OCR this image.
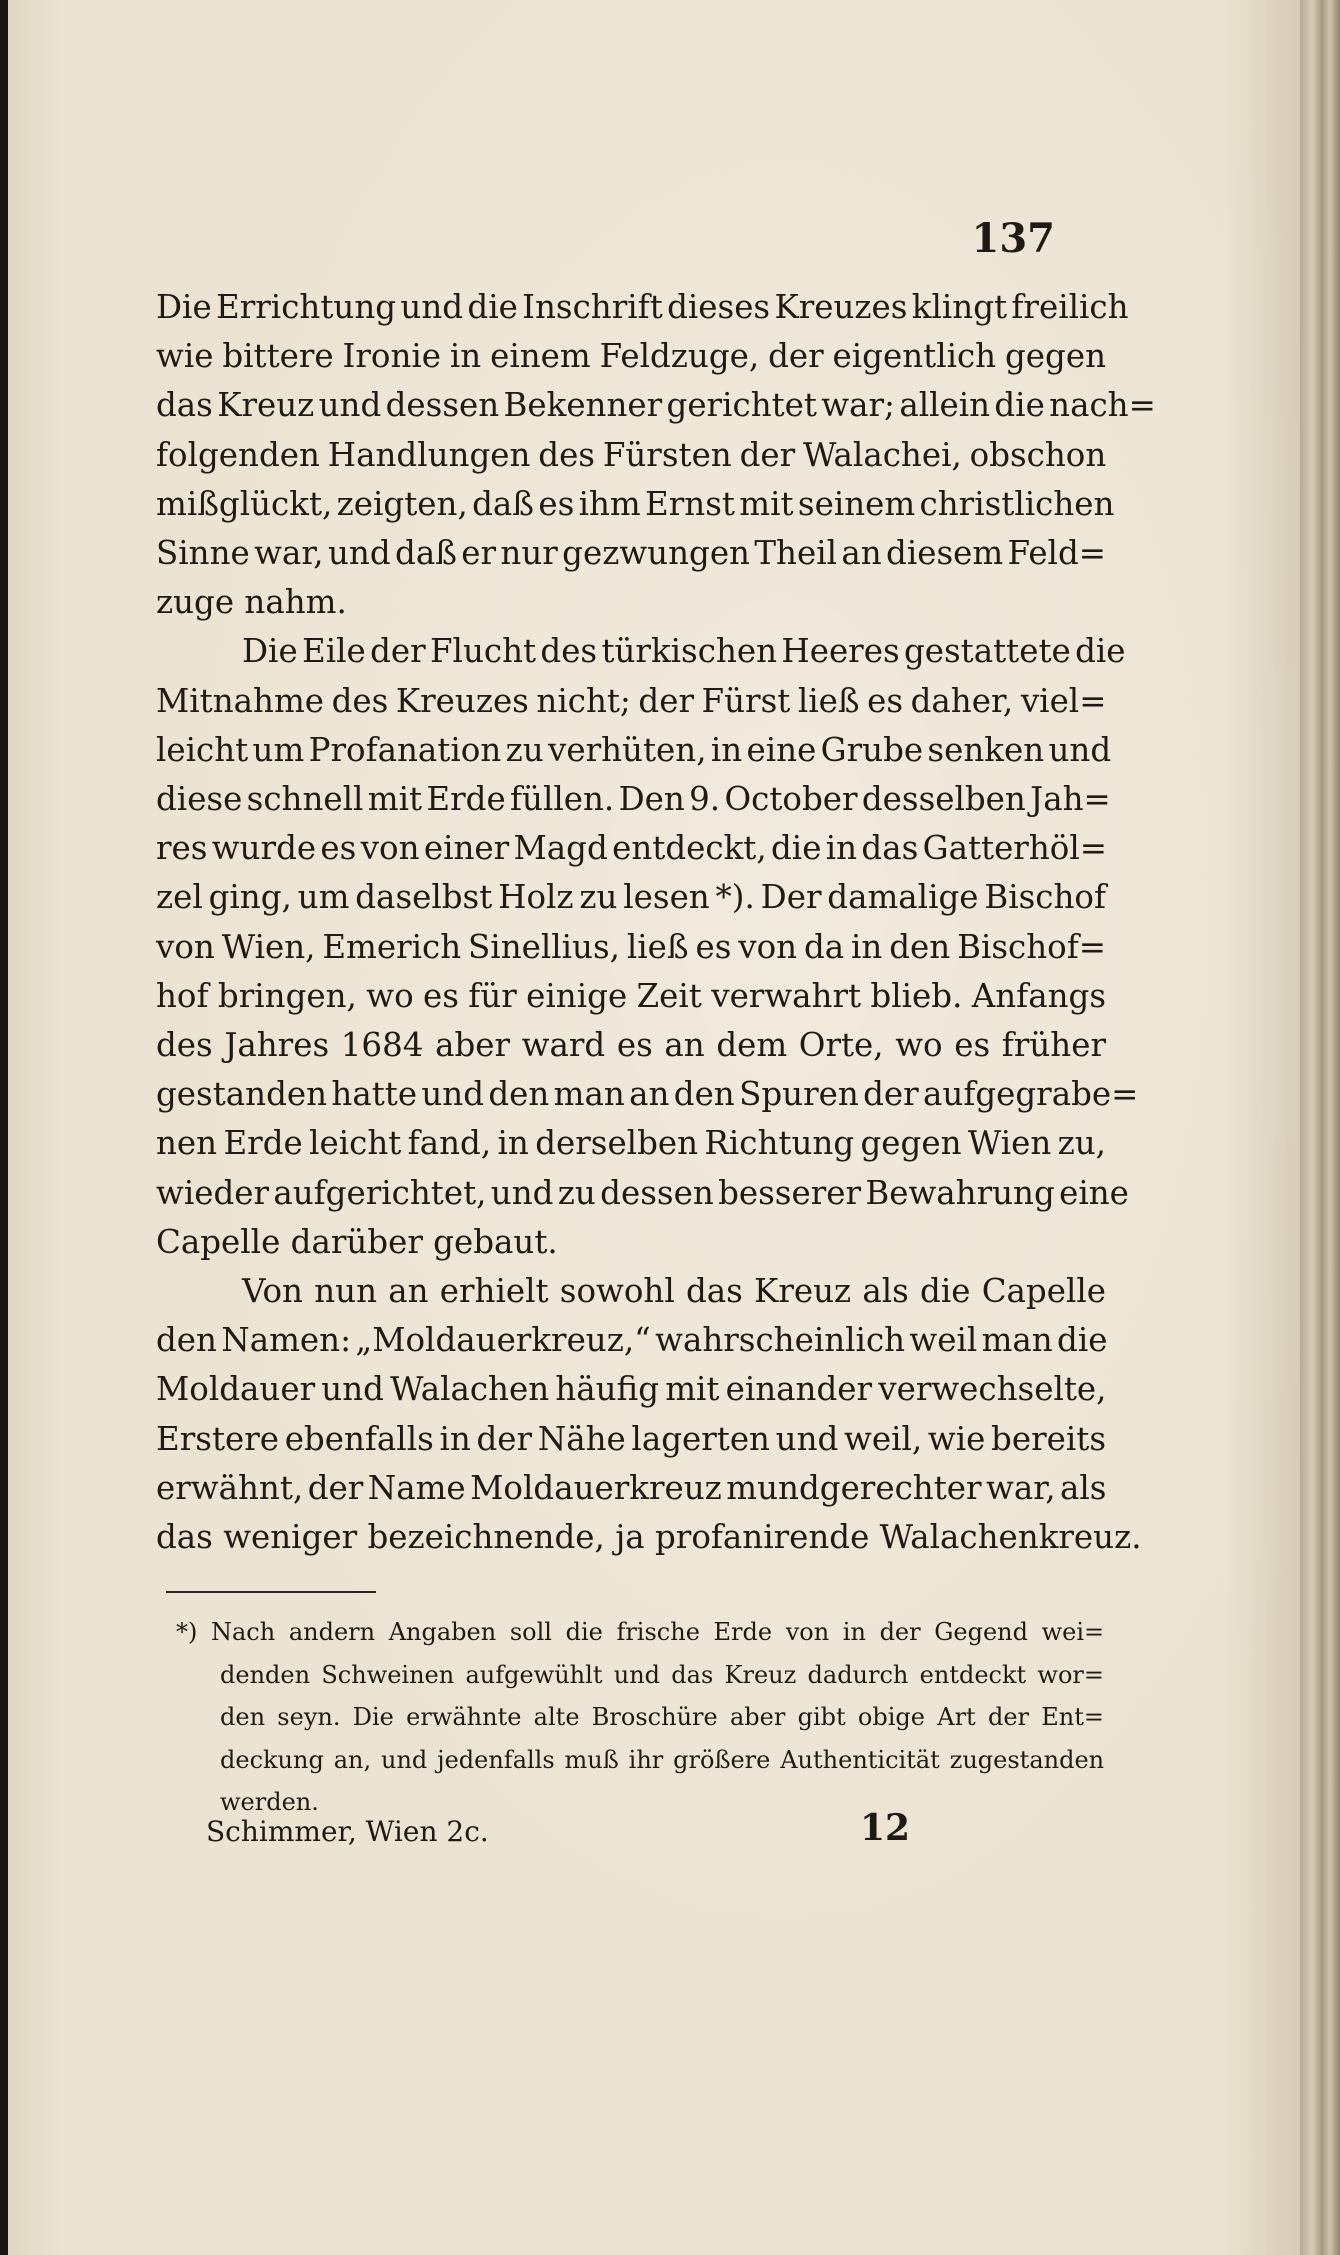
137

Die Errichtung und die Inschrift dieses Kreuzes klingt freilich
wie bittere Ironie in einem Feldzuge, der eigentlich gegen
das Kreuz und dessen Bekenner gerichtet war; allein die nach=
folgenden Handlungen des Fürsten der Walachei, obschon
mißglückt, zeigten, daß es ihm Ernst mit seinem christlichen
Sinne war, und daß er nur gezwungen Theil an diesem Feld=
zuge nahm.

Die Eile der Flucht des türkischen Heeres gestattete die
Mitnahme des Kreuzes nicht; der Fürst ließ es daher, viel=
leicht um Profanation zu verhüten, in eine Grube senken und
diese schnell mit Erde füllen. Den 9. October desselben Jah=
res wurde es von einer Magd entdeckt, die in das Gatterhöl=
zel ging, um daselbst Holz zu lesen *). Der damalige Bischof
von Wien, Emerich Sinellius, ließ es von da in den Bischof=
hof bringen, wo es für einige Zeit verwahrt blieb. Anfangs
des Jahres 1684 aber ward es an dem Orte, wo es früher
gestanden hatte und den man an den Spuren der aufgegrabe=
nen Erde leicht fand, in derselben Richtung gegen Wien zu,
wieder aufgerichtet, und zu dessen besserer Bewahrung eine
Capelle darüber gebaut.

Von nun an erhielt sowohl das Kreuz als die Capelle
den Namen: „Moldauerkreuz,“ wahrscheinlich weil man die
Moldauer und Walachen häufig mit einander verwechselte,
Erstere ebenfalls in der Nähe lagerten und weil, wie bereits
erwähnt, der Name Moldauerkreuz mundgerechter war, als
das weniger bezeichnende, ja profanirende Walachenkreuz.

*) Nach andern Angaben soll die frische Erde von in der Gegend wei=
denden Schweinen aufgewühlt und das Kreuz dadurch entdeckt wor=
den seyn. Die erwähnte alte Broschüre aber gibt obige Art der Ent=
deckung an, und jedenfalls muß ihr größere Authenticität zugestanden
werden.
Schimmer, Wien 2c.	12
